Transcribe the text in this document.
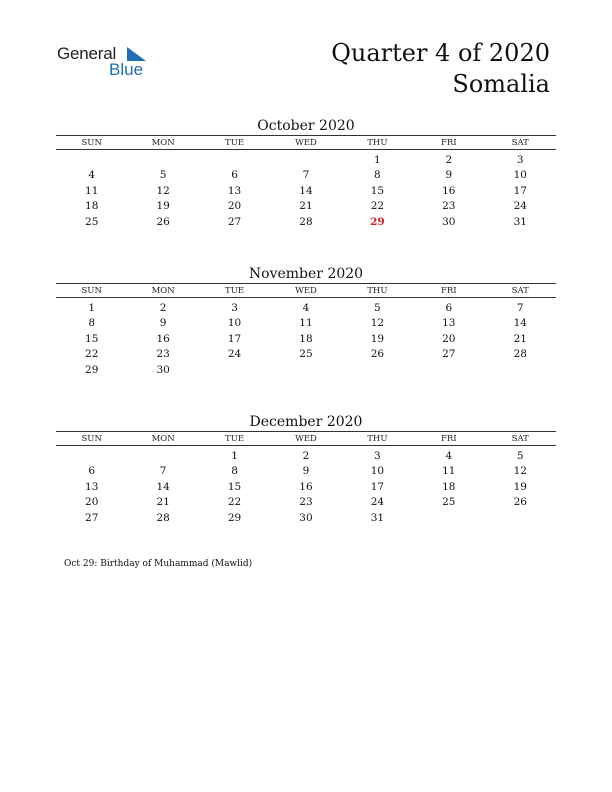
General
Blue
Quarter 4 of 2020
Somalia
October 2020
SUN	MON	TUE	WED	THU	FRI	SAT
				1	2	3
4	5	6	7	8	9	10
11	12	13	14	15	16	17
18	19	20	21	22	23	24
25	26	27	28	29	30	31
November 2020
SUN	MON	TUE	WED	THU	FRI	SAT
1	2	3	4	5	6	7
8	9	10	11	12	13	14
15	16	17	18	19	20	21
22	23	24	25	26	27	28
29	30					
December 2020
SUN	MON	TUE	WED	THU	FRI	SAT
		1	2	3	4	5
6	7	8	9	10	11	12
13	14	15	16	17	18	19
20	21	22	23	24	25	26
27	28	29	30	31		
Oct 29: Birthday of Muhammad (Mawlid)
